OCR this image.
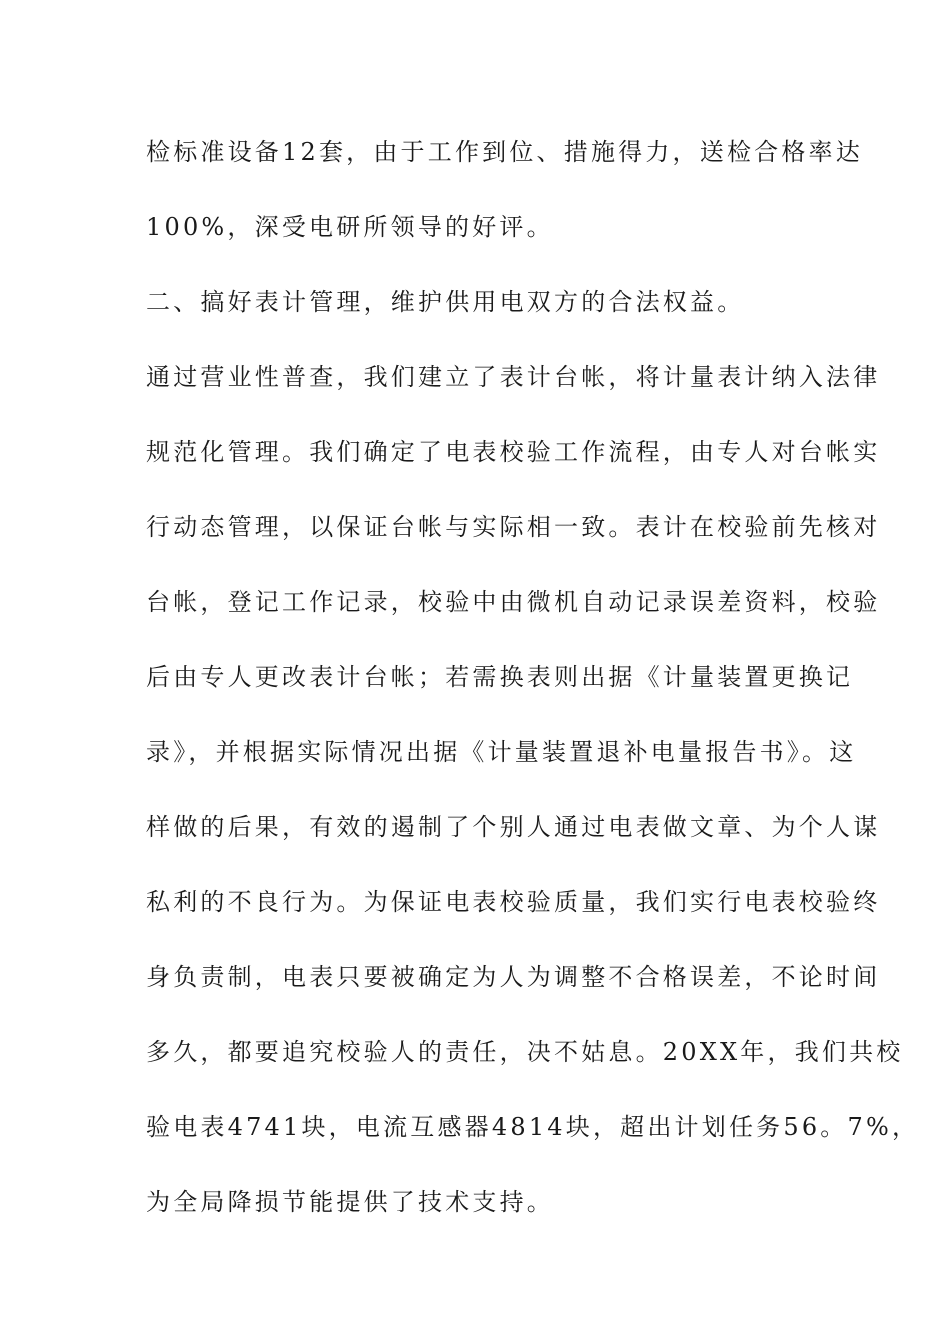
检标准设备12套，由于工作到位、措施得力，送检合格率达
100%，深受电研所领导的好评。
二、搞好表计管理，维护供用电双方的合法权益。
通过营业性普查，我们建立了表计台帐，将计量表计纳入法律
规范化管理。我们确定了电表校验工作流程，由专人对台帐实
行动态管理，以保证台帐与实际相一致。表计在校验前先核对
台帐，登记工作记录，校验中由微机自动记录误差资料，校验
后由专人更改表计台帐；若需换表则出据《计量装置更换记
录》，并根据实际情况出据《计量装置退补电量报告书》。这
样做的后果，有效的遏制了个别人通过电表做文章、为个人谋
私利的不良行为。为保证电表校验质量，我们实行电表校验终
身负责制，电表只要被确定为人为调整不合格误差，不论时间
多久，都要追究校验人的责任，决不姑息。20XX年，我们共校
验电表4741块，电流互感器4814块，超出计划任务56。7%，
为全局降损节能提供了技术支持。
